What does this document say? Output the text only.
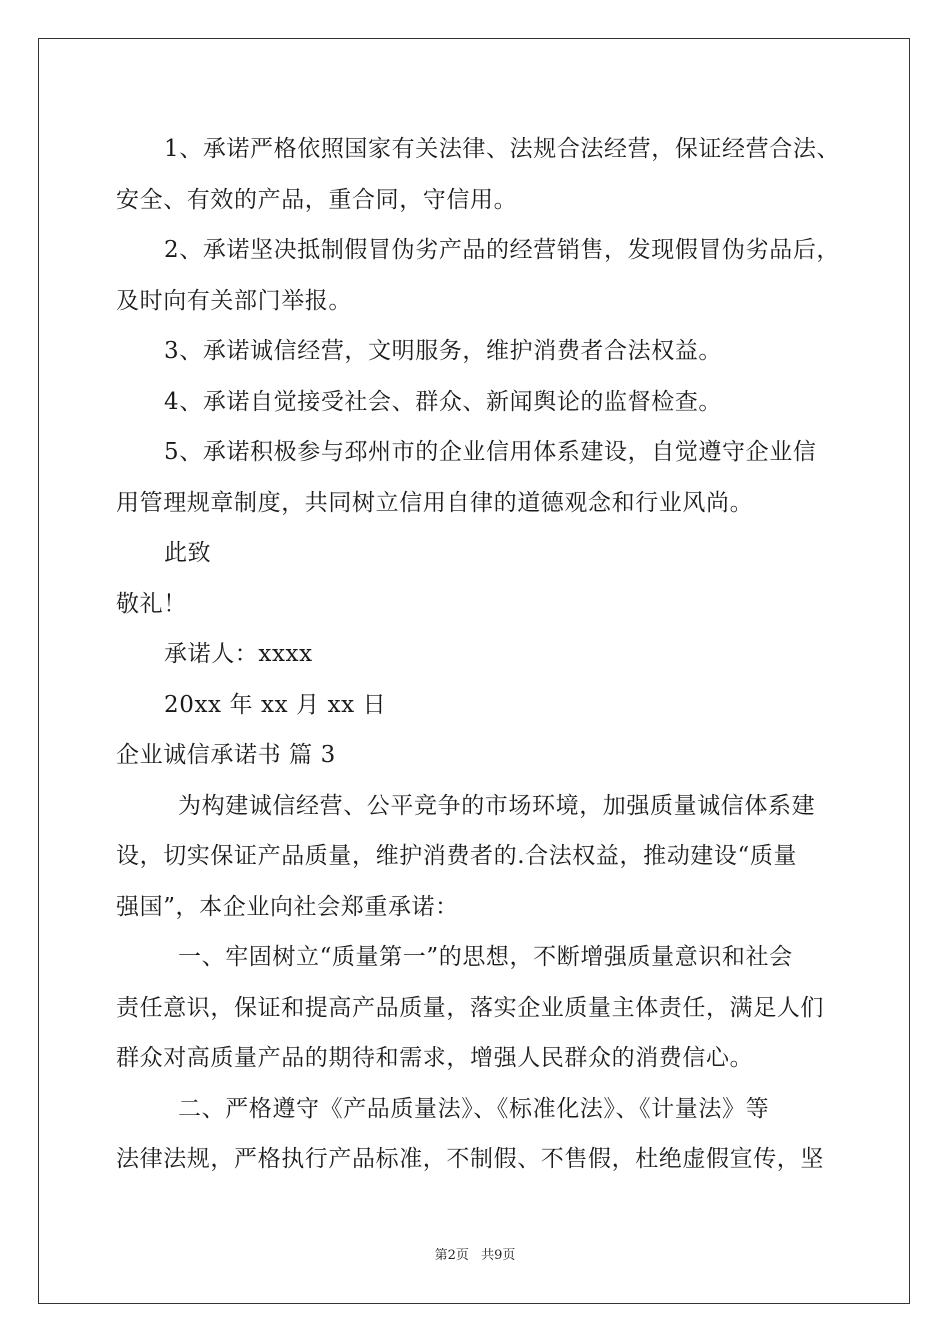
1、承诺严格依照国家有关法律、法规合法经营，保证经营合法、

安全、有效的产品，重合同，守信用。

2、承诺坚决抵制假冒伪劣产品的经营销售，发现假冒伪劣品后，

及时向有关部门举报。

3、承诺诚信经营，文明服务，维护消费者合法权益。

4、承诺自觉接受社会、群众、新闻舆论的监督检查。

5、承诺积极参与邳州市的企业信用体系建设，自觉遵守企业信

用管理规章制度，共同树立信用自律的道德观念和行业风尚。

此致

敬礼！

承诺人：xxxx

20xx 年 xx 月 xx 日

企业诚信承诺书 篇 3

为构建诚信经营、公平竞争的市场环境，加强质量诚信体系建

设，切实保证产品质量，维护消费者的.合法权益，推动建设“质量

强国”，本企业向社会郑重承诺：

一、牢固树立“质量第一”的思想，不断增强质量意识和社会

责任意识，保证和提高产品质量，落实企业质量主体责任，满足人们

群众对高质量产品的期待和需求，增强人民群众的消费信心。

二、严格遵守《产品质量法》、《标准化法》、《计量法》等

法律法规，严格执行产品标准，不制假、不售假，杜绝虚假宣传，坚

第2页 共9页
